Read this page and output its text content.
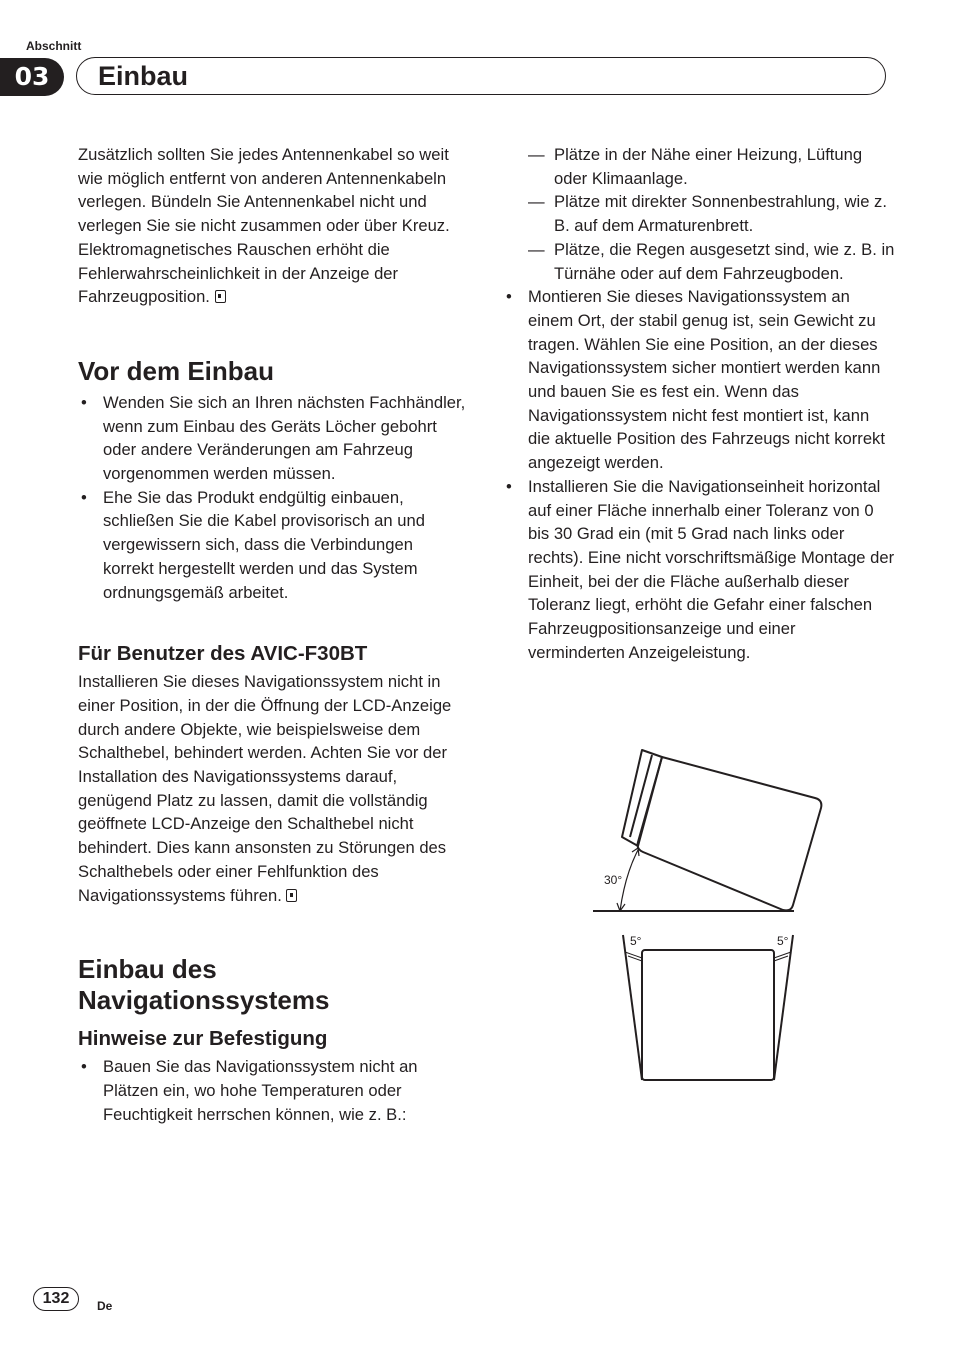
Abschnitt
03	Einbau

Zusätzlich sollten Sie jedes Antennenkabel so weit wie möglich entfernt von anderen Antennenkabeln verlegen. Bündeln Sie Antennenkabel nicht und verlegen Sie sie nicht zusammen oder über Kreuz. Elektromagnetisches Rauschen erhöht die Fehlerwahrscheinlichkeit in der Anzeige der Fahrzeugposition.

Vor dem Einbau
• Wenden Sie sich an Ihren nächsten Fachhändler, wenn zum Einbau des Geräts Löcher gebohrt oder andere Veränderungen am Fahrzeug vorgenommen werden müssen.
• Ehe Sie das Produkt endgültig einbauen, schließen Sie die Kabel provisorisch an und vergewissern sich, dass die Verbindungen korrekt hergestellt werden und das System ordnungsgemäß arbeitet.
Für Benutzer des AVIC-F30BT

Installieren Sie dieses Navigationssystem nicht in einer Position, in der die Öffnung der LCD-Anzeige durch andere Objekte, wie beispielsweise dem Schalthebel, behindert werden. Achten Sie vor der Installation des Navigationssystems darauf, genügend Platz zu lassen, damit die vollständig geöffnete LCD-Anzeige den Schalthebel nicht behindert. Dies kann ansonsten zu Störungen des Schalthebels oder einer Fehlfunktion des Navigationssystems führen.

Einbau des Navigationssystems
Hinweise zur Befestigung
• Bauen Sie das Navigationssystem nicht an Plätzen ein, wo hohe Temperaturen oder Feuchtigkeit herrschen können, wie z. B.:
— Plätze in der Nähe einer Heizung, Lüftung oder Klimaanlage.
— Plätze mit direkter Sonnenbestrahlung, wie z. B. auf dem Armaturenbrett.
— Plätze, die Regen ausgesetzt sind, wie z. B. in Türnähe oder auf dem Fahrzeugboden.
• Montieren Sie dieses Navigationssystem an einem Ort, der stabil genug ist, sein Gewicht zu tragen. Wählen Sie eine Position, an der dieses Navigationssystem sicher montiert werden kann und bauen Sie es fest ein. Wenn das Navigationssystem nicht fest montiert ist, kann die aktuelle Position des Fahrzeugs nicht korrekt angezeigt werden.
• Installieren Sie die Navigationseinheit horizontal auf einer Fläche innerhalb einer Toleranz von 0 bis 30 Grad ein (mit 5 Grad nach links oder rechts). Eine nicht vorschriftsmäßige Montage der Einheit, bei der die Fläche außerhalb dieser Toleranz liegt, erhöht die Gefahr einer falschen Fahrzeugpositionsanzeige und einer verminderten Anzeigeleistung.
30°
5°	5°
132	De
